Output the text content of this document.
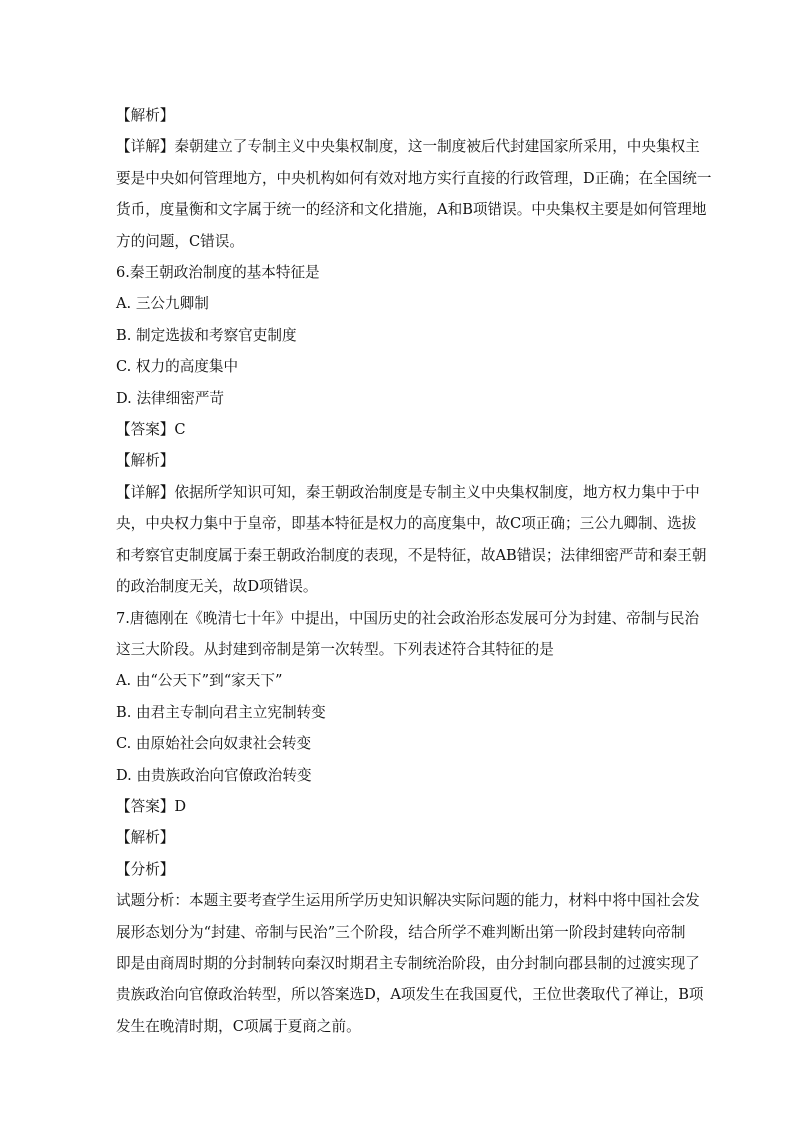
【解析】
【详解】秦朝建立了专制主义中央集权制度，这一制度被后代封建国家所采用，中央集权主
要是中央如何管理地方，中央机构如何有效对地方实行直接的行政管理，D正确；在全国统一
货币，度量衡和文字属于统一的经济和文化措施，A和B项错误。中央集权主要是如何管理地
方的问题，C错误。
6.秦王朝政治制度的基本特征是
A. 三公九卿制
B. 制定选拔和考察官吏制度
C. 权力的高度集中
D. 法律细密严苛
【答案】C
【解析】
【详解】依据所学知识可知，秦王朝政治制度是专制主义中央集权制度，地方权力集中于中
央，中央权力集中于皇帝，即基本特征是权力的高度集中，故C项正确；三公九卿制、选拔
和考察官吏制度属于秦王朝政治制度的表现，不是特征，故AB错误；法律细密严苛和秦王朝
的政治制度无关，故D项错误。
7.唐德刚在《晚清七十年》中提出，中国历史的社会政治形态发展可分为封建、帝制与民治
这三大阶段。从封建到帝制是第一次转型。下列表述符合其特征的是
A. 由“公天下”到“家天下”
B. 由君主专制向君主立宪制转变
C. 由原始社会向奴隶社会转变
D. 由贵族政治向官僚政治转变
【答案】D
【解析】
【分析】
试题分析：本题主要考查学生运用所学历史知识解决实际问题的能力，材料中将中国社会发
展形态划分为“封建、帝制与民治”三个阶段，结合所学不难判断出第一阶段封建转向帝制
即是由商周时期的分封制转向秦汉时期君主专制统治阶段，由分封制向郡县制的过渡实现了
贵族政治向官僚政治转型，所以答案选D，A项发生在我国夏代，王位世袭取代了禅让，B项
发生在晚清时期，C项属于夏商之前。
